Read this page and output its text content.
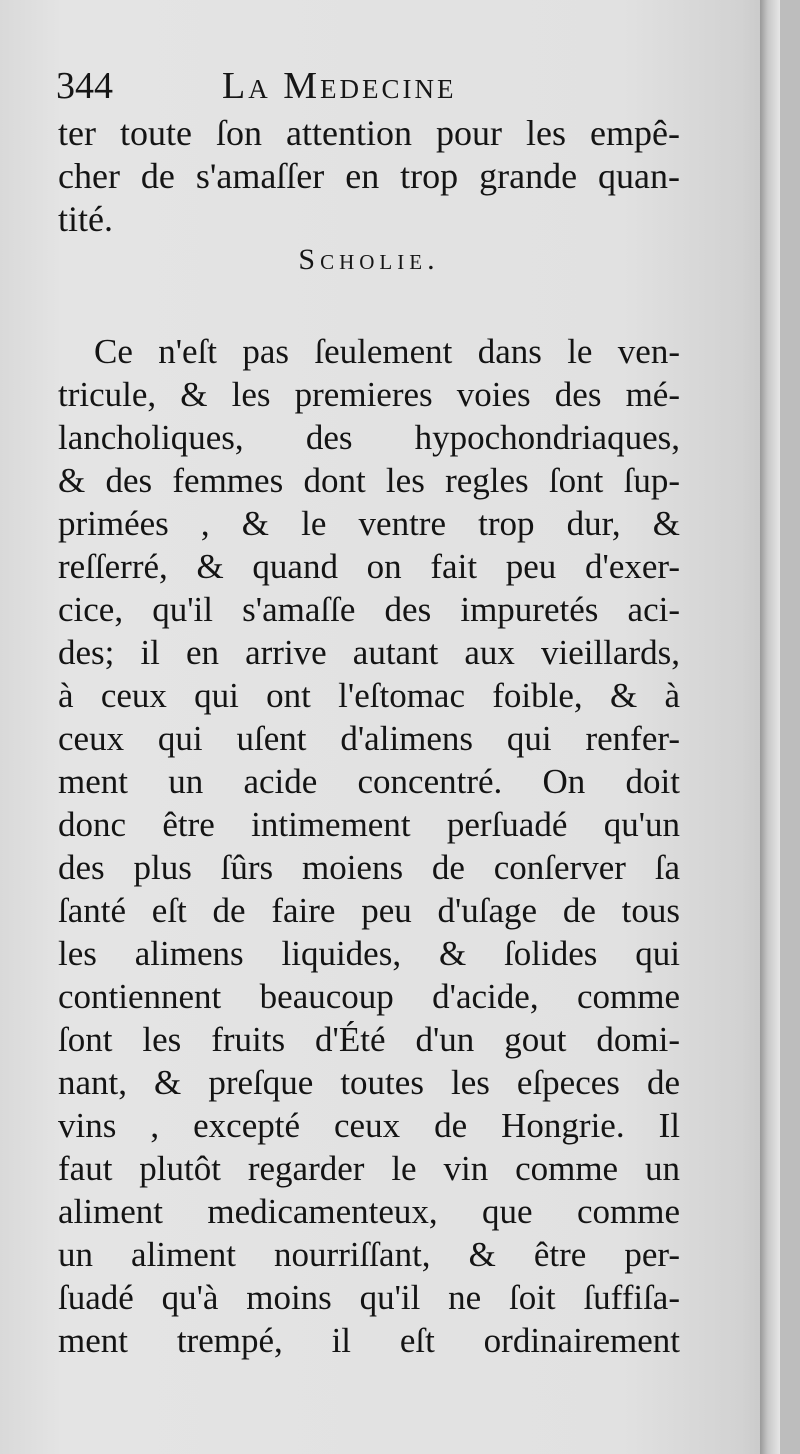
344	La Medecine
ter toute ſon attention pour les empê-
cher de s'amaſſer en trop grande quan-
tité.
Scholie.
Ce n'eſt pas ſeulement dans le ven-
tricule, & les premieres voies des mé-
lancholiques, des hypochondriaques,
& des femmes dont les regles ſont ſup-
primées , & le ventre trop dur, &
reſſerré, & quand on fait peu d'exer-
cice, qu'il s'amaſſe des impuretés aci-
des; il en arrive autant aux vieillards,
à ceux qui ont l'eſtomac foible, & à
ceux qui uſent d'alimens qui renfer-
ment un acide concentré. On doit
donc être intimement perſuadé qu'un
des plus ſûrs moiens de conſerver ſa
ſanté eſt de faire peu d'uſage de tous
les alimens liquides, & ſolides qui
contiennent beaucoup d'acide, comme
ſont les fruits d'Été d'un gout domi-
nant, & preſque toutes les eſpeces de
vins , excepté ceux de Hongrie. Il
faut plutôt regarder le vin comme un
aliment medicamenteux, que comme
un aliment nourriſſant, & être per-
ſuadé qu'à moins qu'il ne ſoit ſuffiſa-
ment trempé, il eſt ordinairement
